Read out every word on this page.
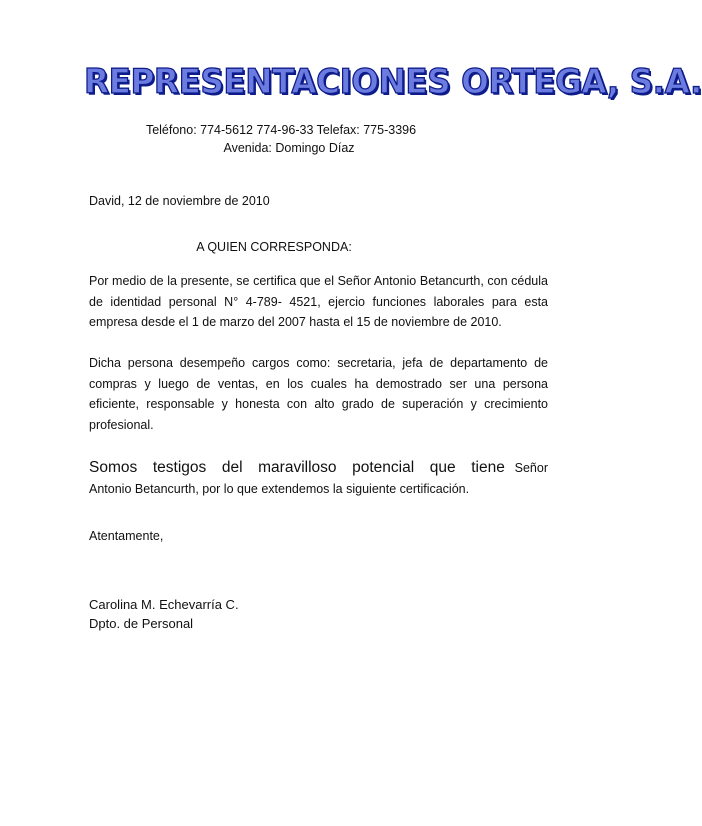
REPRESENTACIONES ORTEGA, S.A.
Teléfono: 774-5612 774-96-33 Telefax: 775-3396
Avenida: Domingo Díaz
David, 12 de noviembre de 2010
A QUIEN CORRESPONDA:
Por medio de la presente, se certifica que el Señor Antonio Betancurth, con cédula de identidad personal N° 4-789- 4521, ejercio funciones laborales para esta empresa desde el 1 de marzo del 2007 hasta el 15 de noviembre de 2010.
Dicha persona desempeño cargos como: secretaria, jefa de departamento de compras y luego de ventas, en los cuales ha demostrado ser una persona eficiente, responsable y honesta con alto grado de superación y crecimiento profesional.
Somos testigos del maravilloso potencial que tiene Señor Antonio Betancurth, por lo que extendemos la siguiente certificación.
Atentamente,
Carolina M. Echevarría C.
Dpto. de Personal
